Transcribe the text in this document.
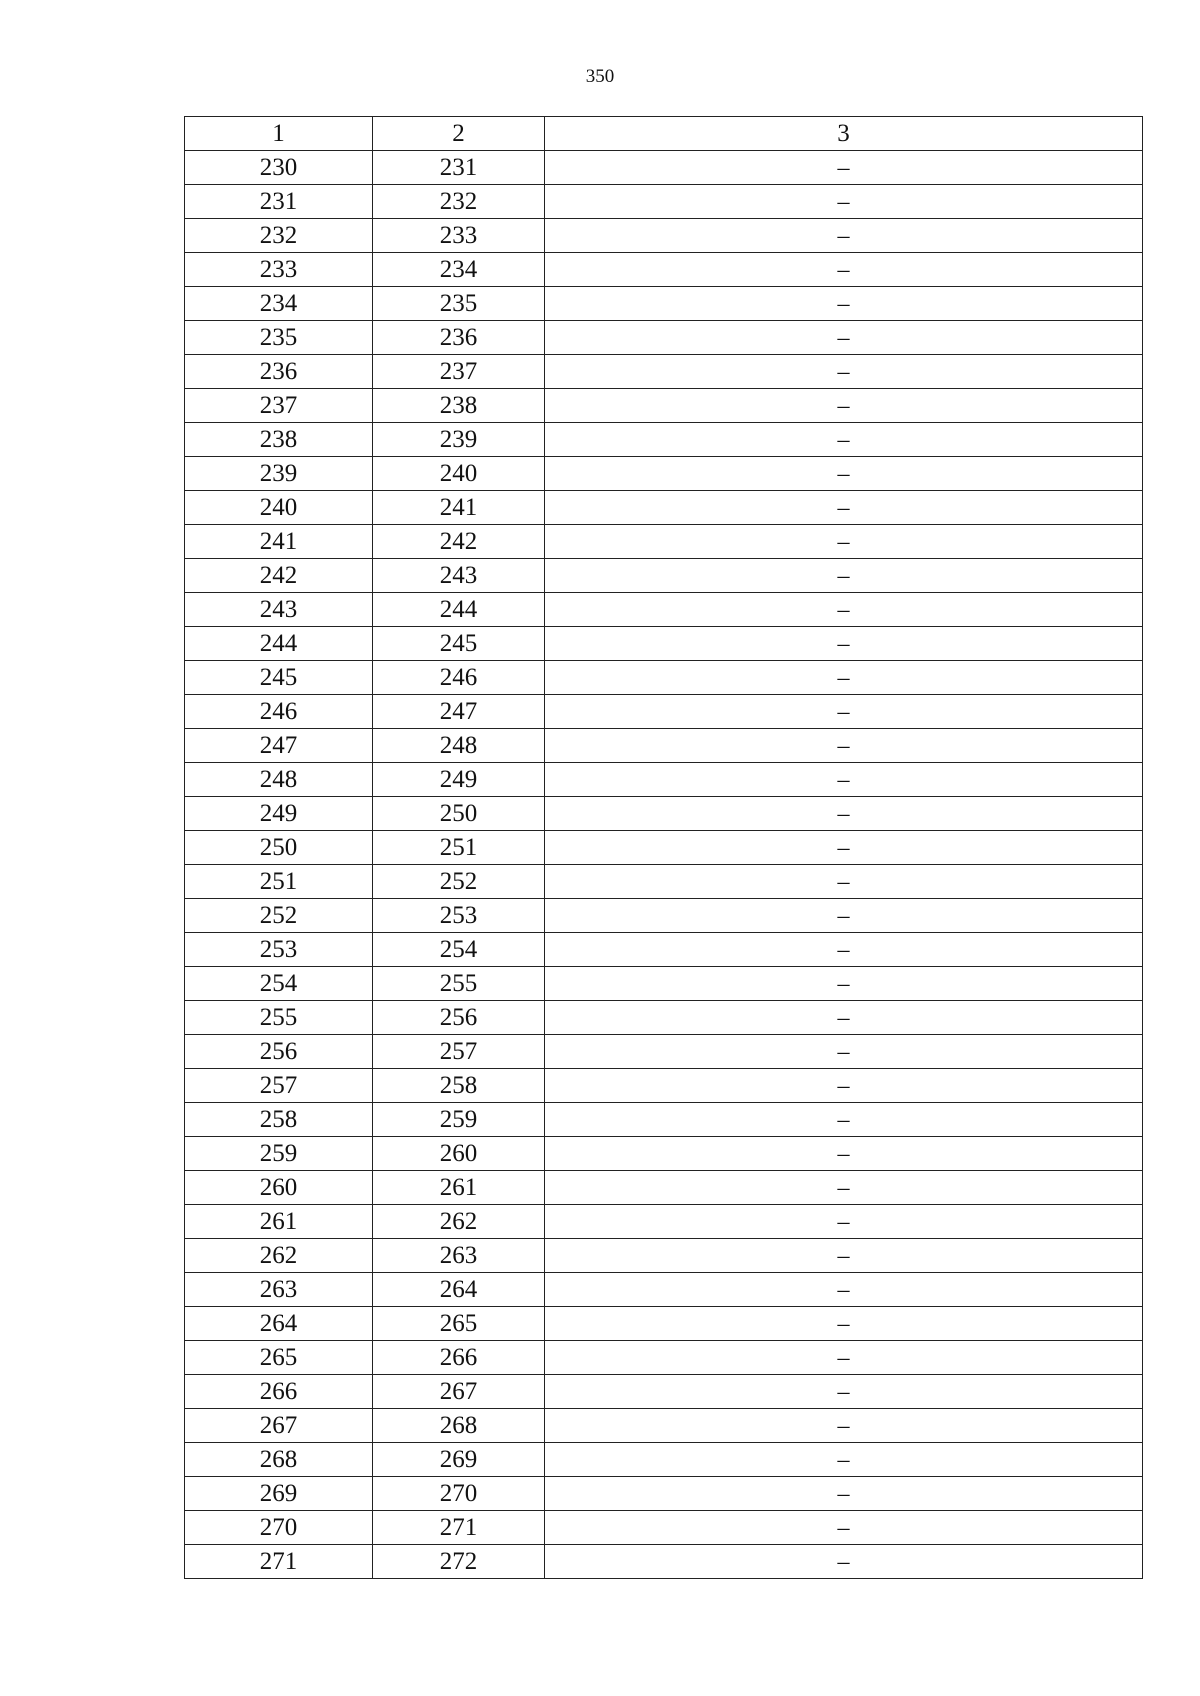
350
1	2	3
230	231	–
231	232	–
232	233	–
233	234	–
234	235	–
235	236	–
236	237	–
237	238	–
238	239	–
239	240	–
240	241	–
241	242	–
242	243	–
243	244	–
244	245	–
245	246	–
246	247	–
247	248	–
248	249	–
249	250	–
250	251	–
251	252	–
252	253	–
253	254	–
254	255	–
255	256	–
256	257	–
257	258	–
258	259	–
259	260	–
260	261	–
261	262	–
262	263	–
263	264	–
264	265	–
265	266	–
266	267	–
267	268	–
268	269	–
269	270	–
270	271	–
271	272	–
